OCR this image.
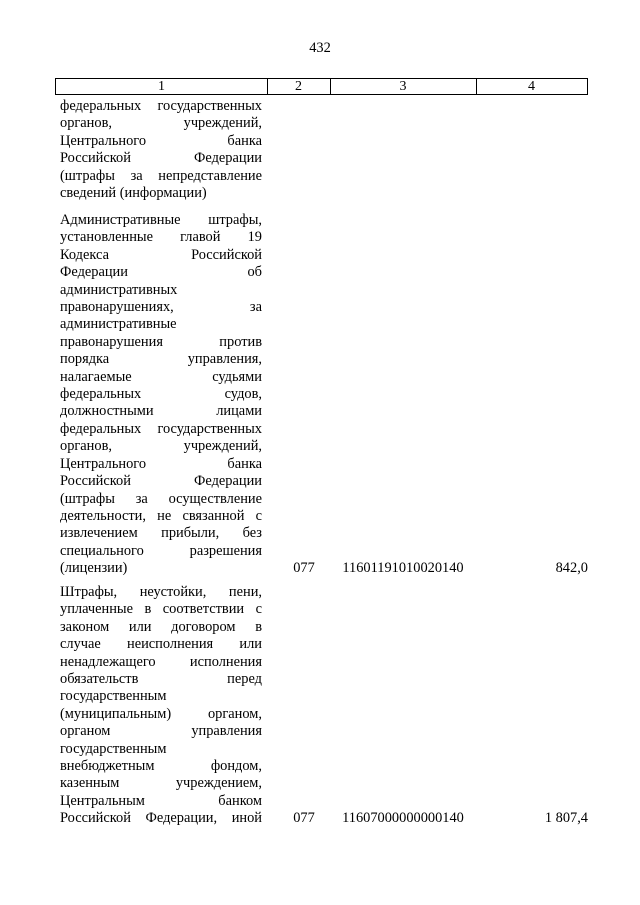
432
1	2	3	4
федеральных государственных
органов, учреждений,
Центрального банка
Российской Федерации
(штрафы за непредставление
сведений (информации)
Административные штрафы,
установленные главой 19
Кодекса Российской
Федерации об
административных
правонарушениях, за
административные
правонарушения против
порядка управления,
налагаемые судьями
федеральных судов,
должностными лицами
федеральных государственных
органов, учреждений,
Центрального банка
Российской Федерации
(штрафы за осуществление
деятельности, не связанной с
извлечением прибыли, без
специального разрешения
(лицензии)	077	11601191010020140	842,0
Штрафы, неустойки, пени,
уплаченные в соответствии с
законом или договором в
случае неисполнения или
ненадлежащего исполнения
обязательств перед
государственным
(муниципальным) органом,
органом управления
государственным
внебюджетным фондом,
казенным учреждением,
Центральным банком
Российской Федерации, иной	077	11607000000000140	1 807,4
